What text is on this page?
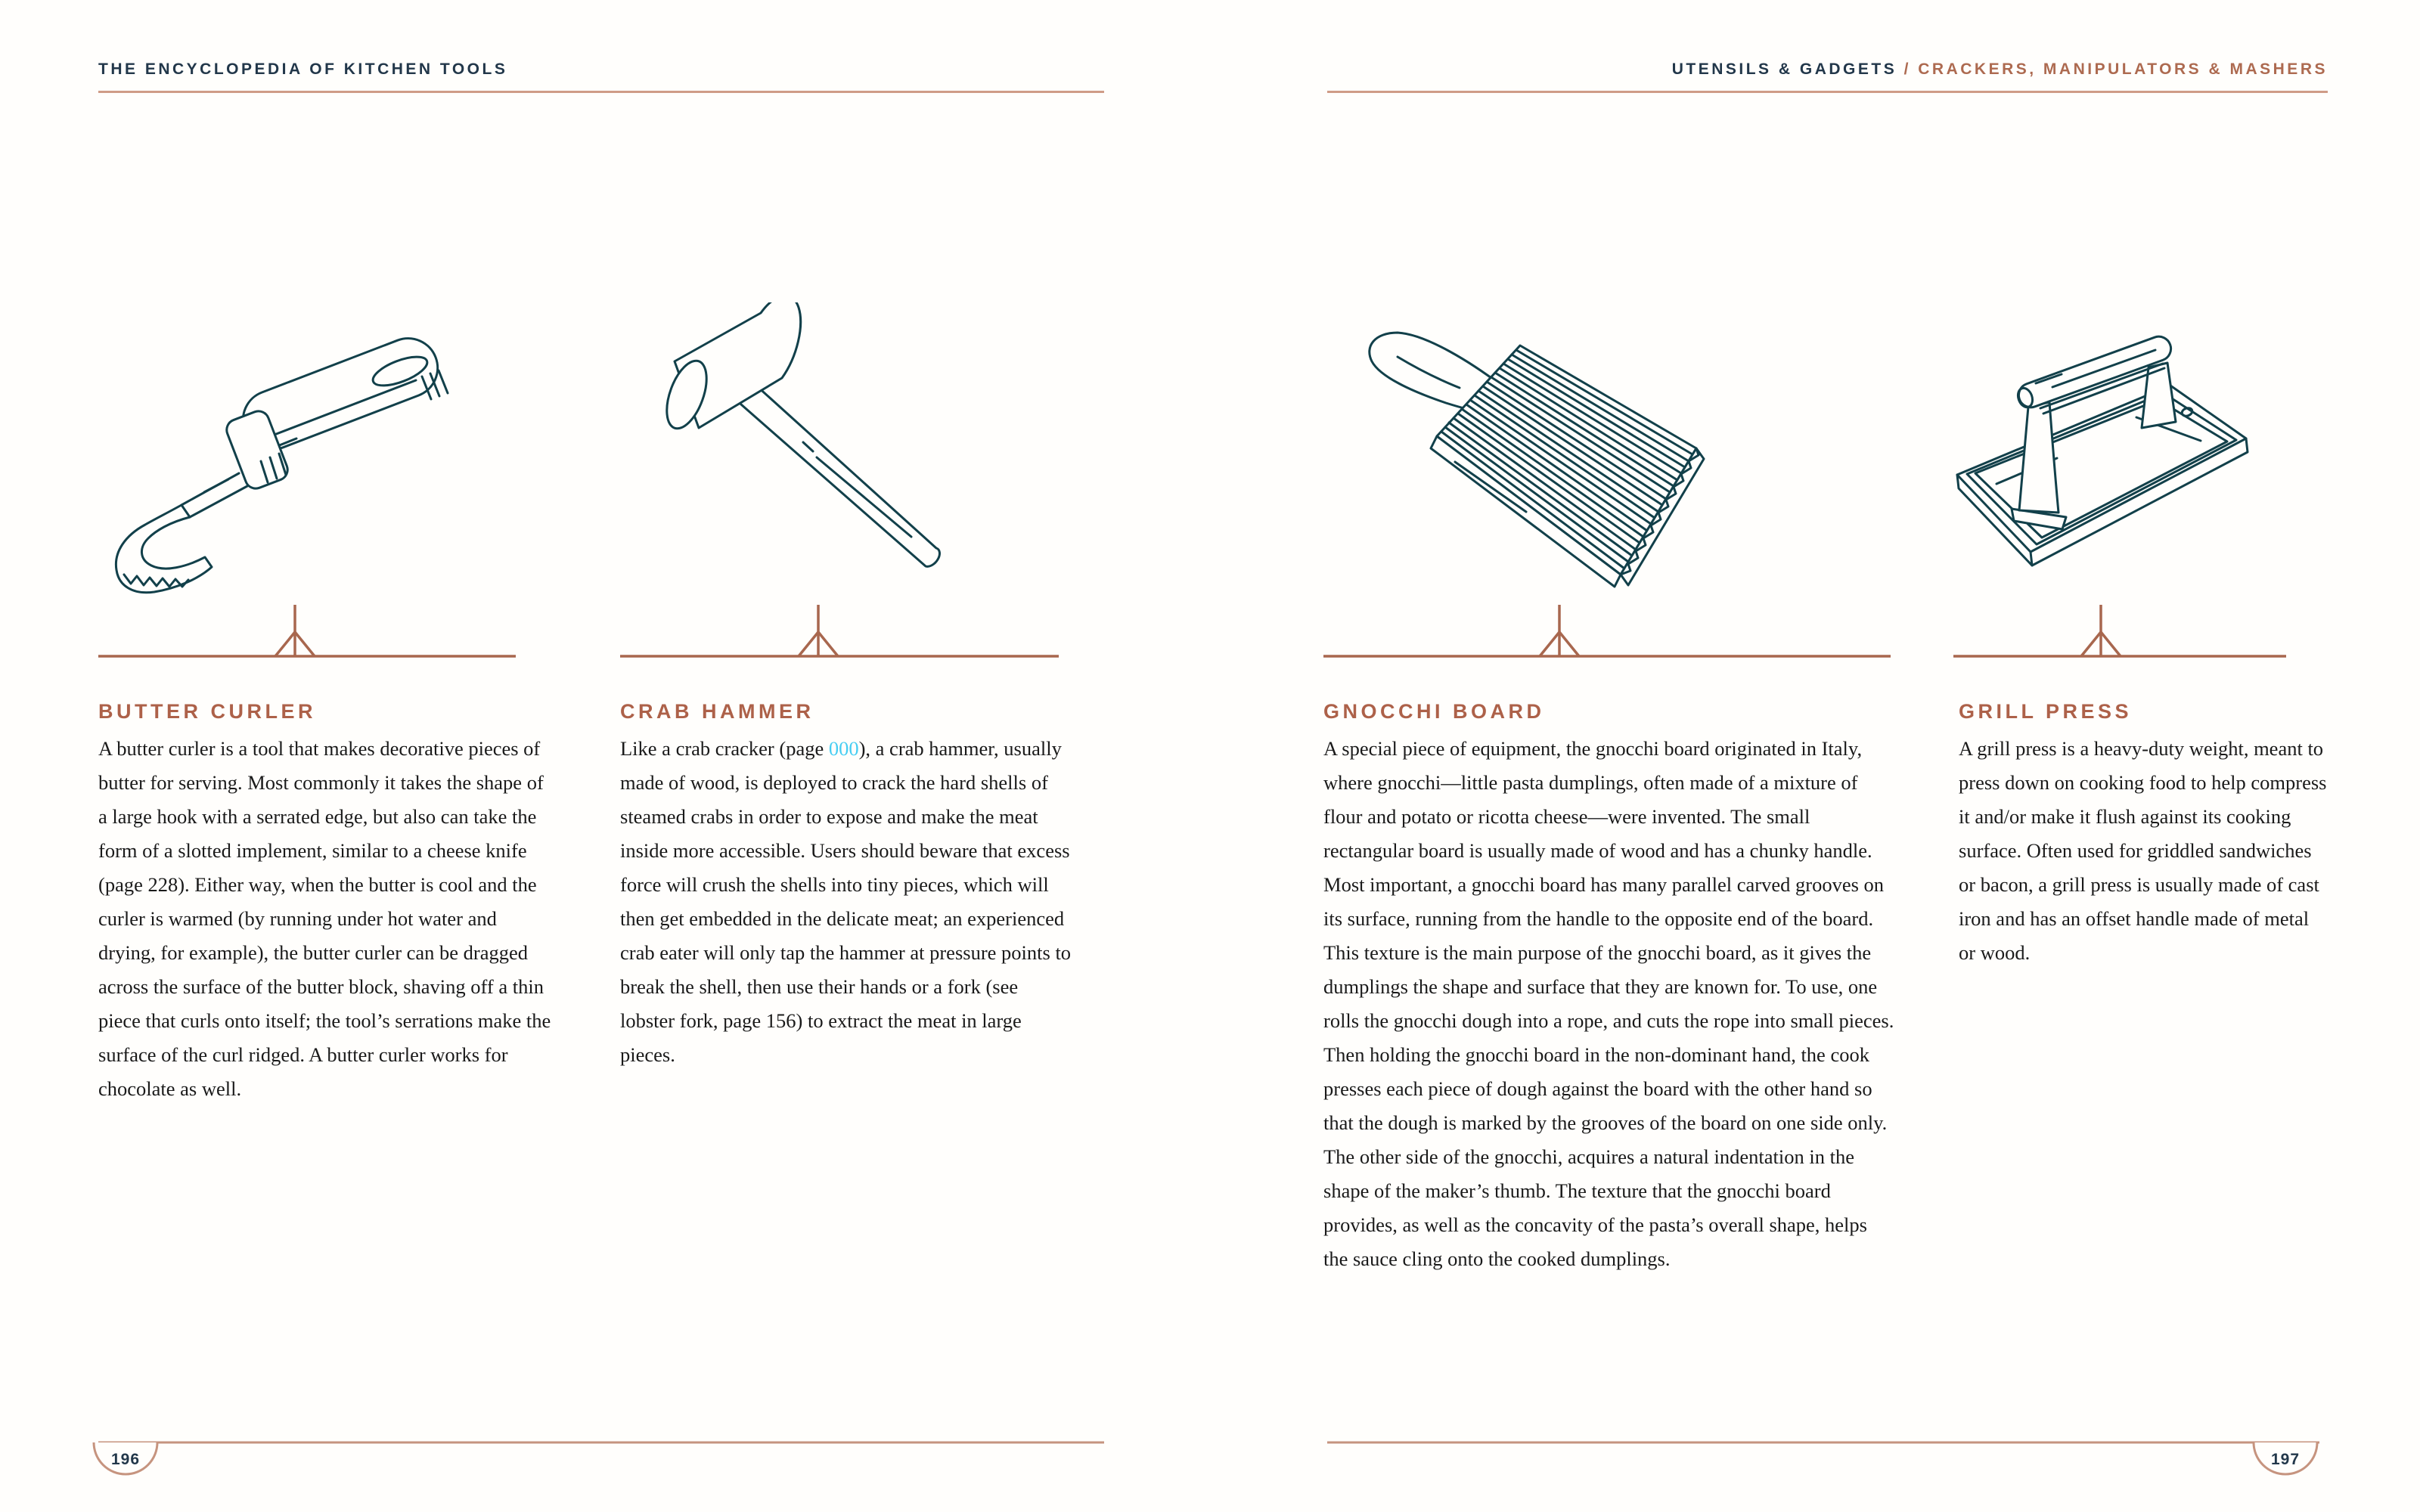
THE ENCYCLOPEDIA OF KITCHEN TOOLS	UTENSILS & GADGETS / CRACKERS, MANIPULATORS & MASHERS
BUTTER CURLER

A butter curler is a tool that makes decorative pieces of butter for serving. Most commonly it takes the shape of a large hook with a serrated edge, but also can take the form of a slotted implement, similar to a cheese knife (page 228). Either way, when the butter is cool and the curler is warmed (by running under hot water and drying, for example), the butter curler can be dragged across the surface of the butter block, shaving off a thin piece that curls onto itself; the tool’s serrations make the surface of the curl ridged. A butter curler works for chocolate as well.

CRAB HAMMER

Like a crab cracker (page 000), a crab hammer, usually made of wood, is deployed to crack the hard shells of steamed crabs in order to expose and make the meat inside more accessible. Users should beware that excess force will crush the shells into tiny pieces, which will then get embedded in the delicate meat; an experienced crab eater will only tap the hammer at pressure points to break the shell, then use their hands or a fork (see lobster fork, page 156) to extract the meat in large pieces.

GNOCCHI BOARD

A special piece of equipment, the gnocchi board originated in Italy, where gnocchi—little pasta dumplings, often made of a mixture of flour and potato or ricotta cheese—were invented. The small rectangular board is usually made of wood and has a chunky handle. Most important, a gnocchi board has many parallel carved grooves on its surface, running from the handle to the opposite end of the board. This texture is the main purpose of the gnocchi board, as it gives the dumplings the shape and surface that they are known for. To use, one rolls the gnocchi dough into a rope, and cuts the rope into small pieces. Then holding the gnocchi board in the non-dominant hand, the cook presses each piece of dough against the board with the other hand so that the dough is marked by the grooves of the board on one side only. The other side of the gnocchi, acquires a natural indentation in the shape of the maker’s thumb. The texture that the gnocchi board provides, as well as the concavity of the pasta’s overall shape, helps the sauce cling onto the cooked dumplings.

GRILL PRESS

A grill press is a heavy-duty weight, meant to press down on cooking food to help compress it and/or make it flush against its cooking surface. Often used for griddled sandwiches or bacon, a grill press is usually made of cast iron and has an offset handle made of metal or wood.

196	197
